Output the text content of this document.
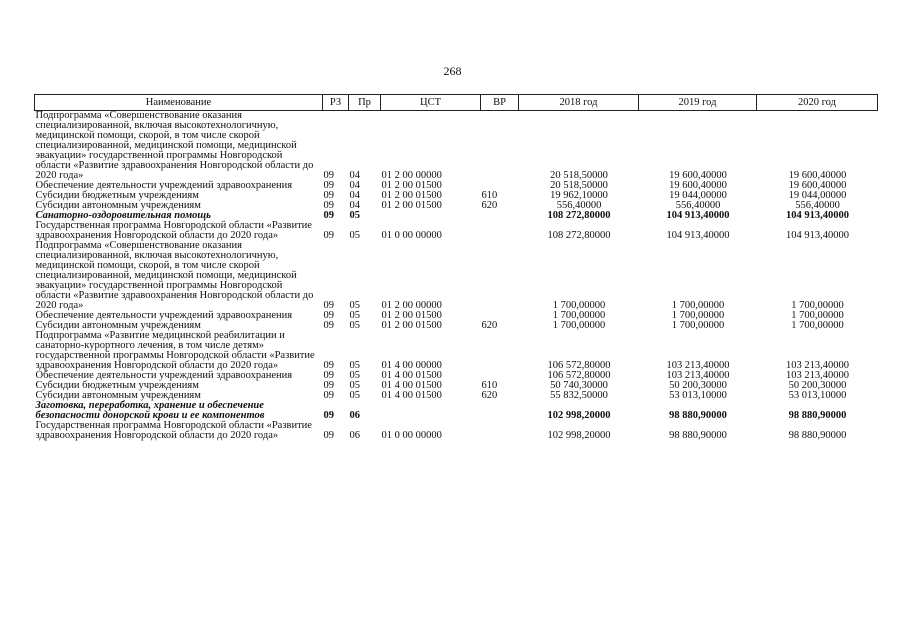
268
Наименование	РЗ	Пр	ЦСТ	ВР	2018 год	2019 год	2020 год
Подпрограмма «Совершенствование оказания специализированной, включая высокотехнологичную, медицинской помощи, скорой, в том числе скорой специализированной, медицинской помощи, медицинской эвакуации» государственной программы Новгородской области «Развитие здравоохранения Новгородской области до 2020 года»	09	04	01 2 00 00000		20 518,50000	19 600,40000	19 600,40000
Обеспечение деятельности учреждений здравоохранения	09	04	01 2 00 01500		20 518,50000	19 600,40000	19 600,40000
Субсидии бюджетным учреждениям	09	04	01 2 00 01500	610	19 962,10000	19 044,00000	19 044,00000
Субсидии автономным учреждениям	09	04	01 2 00 01500	620	556,40000	556,40000	556,40000
Санаторно-оздоровительная помощь	09	05			108 272,80000	104 913,40000	104 913,40000
Государственная программа Новгородской области «Развитие здравоохранения Новгородской области до 2020 года»	09	05	01 0 00 00000		108 272,80000	104 913,40000	104 913,40000
Подпрограмма «Совершенствование оказания специализированной, включая высокотехнологичную, медицинской помощи, скорой, в том числе скорой специализированной, медицинской помощи, медицинской эвакуации» государственной программы Новгородской области «Развитие здравоохранения Новгородской области до 2020 года»	09	05	01 2 00 00000		1 700,00000	1 700,00000	1 700,00000
Обеспечение деятельности учреждений здравоохранения	09	05	01 2 00 01500		1 700,00000	1 700,00000	1 700,00000
Субсидии автономным учреждениям	09	05	01 2 00 01500	620	1 700,00000	1 700,00000	1 700,00000
Подпрограмма «Развитие медицинской реабилитации и санаторно-курортного лечения, в том числе детям» государственной программы Новгородской области «Развитие здравоохранения Новгородской области до 2020 года»	09	05	01 4 00 00000		106 572,80000	103 213,40000	103 213,40000
Обеспечение деятельности учреждений здравоохранения	09	05	01 4 00 01500		106 572,80000	103 213,40000	103 213,40000
Субсидии бюджетным учреждениям	09	05	01 4 00 01500	610	50 740,30000	50 200,30000	50 200,30000
Субсидии автономным учреждениям	09	05	01 4 00 01500	620	55 832,50000	53 013,10000	53 013,10000
Заготовка, переработка, хранение и обеспечение безопасности донорской крови и ее компонентов	09	06			102 998,20000	98 880,90000	98 880,90000
Государственная программа Новгородской области «Развитие здравоохранения Новгородской области до 2020 года»	09	06	01 0 00 00000		102 998,20000	98 880,90000	98 880,90000
